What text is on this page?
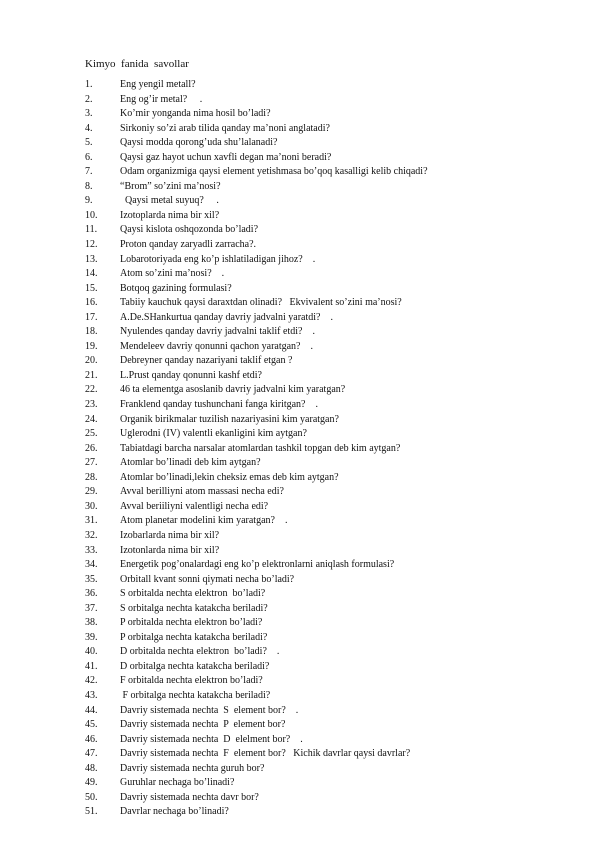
Kimyo  fanida  savollar
1.	Eng yengil metall?
2.	Eng og’ir metal?     .
3.	Ko’mir yonganda nima hosil bo’ladi?
4.	Sirkoniy so’zi arab tilida qanday ma’noni anglatadi?
5.	Qaysi modda qorong’uda shu’lalanadi?
6.	Qaysi gaz hayot uchun xavfli degan ma’noni beradi?
7.	Odam organizmiga qaysi element yetishmasa bo’qoq kasalligi kelib chiqadi?
8.	“Brom” so’zini ma’nosi?
9.	Qaysi metal suyuq?     .
10. Izotoplarda nima bir xil?
11. Qaysi kislota oshqozonda bo’ladi?
12. Proton qanday zaryadli zarracha?.
13. Lobarotoriyada eng ko’p ishlatiladigan jihoz?    .
14. Atom so’zini ma’nosi?    .
15. Botqoq gazining formulasi?
16. Tabiiy kauchuk qaysi daraxtdan olinadi?   Ekvivalent so’zini ma’nosi?
17. A.De.SHankurtua qanday davriy jadvalni yaratdi?    .
18. Nyulendes qanday davriy jadvalni taklif etdi?    .
19. Mendeleev davriy qonunni qachon yaratgan?    .
20. Debreyner qanday nazariyani taklif etgan ?
21. L.Prust qanday qonunni kashf etdi?
22. 46 ta elementga asoslanib davriy jadvalni kim yaratgan?
23. Franklend qanday tushunchani fanga kiritgan?    .
24. Organik birikmalar tuzilish nazariyasini kim yaratgan?
25. Uglerodni (IV) valentli ekanligini kim aytgan?
26. Tabiatdagi barcha narsalar atomlardan tashkil topgan deb kim aytgan?
27. Atomlar bo’linadi deb kim aytgan?
28. Atomlar bo’linadi,lekin cheksiz emas deb kim aytgan?
29. Avval berilliyni atom massasi necha edi?
30. Avval beriiliyni valentligi necha edi?
31. Atom planetar modelini kim yaratgan?    .
32. Izobarlarda nima bir xil?
33. Izotonlarda nima bir xil?
34. Energetik pog’onalardagi eng ko’p elektronlarni aniqlash formulasi?
35. Orbitall kvant sonni qiymati necha bo’ladi?
36. S orbitalda nechta elektron  bo’ladi?
37. S orbitalga nechta katakcha beriladi?
38. P orbitalda nechta elektron bo’ladi?
39. P orbitalga nechta katakcha beriladi?
40. D orbitalda nechta elektron  bo’ladi?    .
41. D orbitalga nechta katakcha beriladi?
42. F orbitalda nechta elektron bo’ladi?
43. F orbitalga nechta katakcha beriladi?
44. Davriy sistemada nechta  S  element bor?    .
45. Davriy sistemada nechta  P  element bor?
46. Davriy sistemada nechta  D  elelment bor?    .
47. Davriy sistemada nechta  F  element bor?   Kichik davrlar qaysi davrlar?
48. Davriy sistemada nechta guruh bor?
49. Guruhlar nechaga bo’linadi?
50. Davriy sistemada nechta davr bor?
51. Davrlar nechaga bo’linadi?
